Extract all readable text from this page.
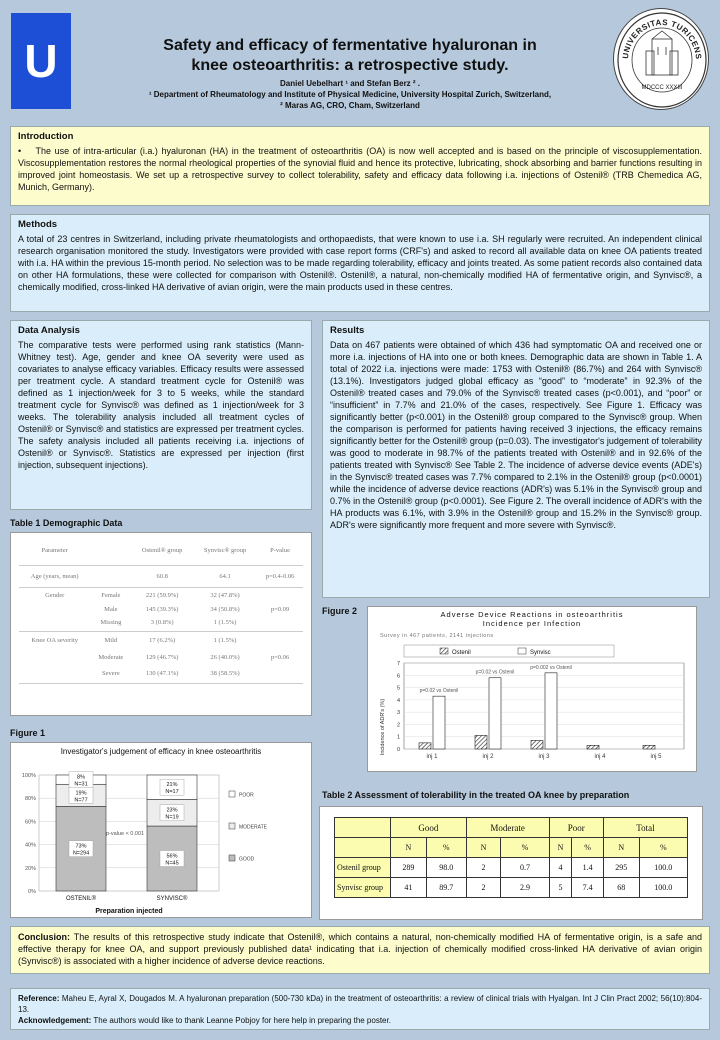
U	Safety and efficacy of fermentative hyaluronan in
knee osteoarthritis: a retrospective study.
Daniel Uebelhart ¹ and Stefan Berz ² .
¹ Department of Rheumatology and Institute of Physical Medicine, University Hospital Zurich, Switzerland,
² Maras AG, CRO, Cham, Switzerland
UNIVERSITAS TURICENS
MDCCC XXXIII
Introduction

•    The use of intra-articular (i.a.) hyaluronan (HA) in the treatment of osteoarthritis (OA) is now well accepted and is based on the principle of viscosupplementation. Viscosupplementation restores the normal rheological properties of the synovial fluid and hence its protective, lubricating, shock absorbing and barrier functions resulting in improved joint homeostasis. We set up a retrospective survey to collect tolerability, safety and efficacy data following i.a. injections of Ostenil® (TRB Chemedica AG, Munich, Germany).

Methods

A total of 23 centres in Switzerland, including private rheumatologists and orthopaedists, that were known to use i.a. SH regularly were recruited. An independent clinical research organisation monitored the study. Investigators were provided with case report forms (CRF's) and asked to record all available data on knee OA patients treated with i.a. HA within the previous 15-month period. No selection was to be made regarding tolerability, efficacy and joints treated. As some patient records also contained data on other HA formulations, these were collected for comparison with Ostenil®. Ostenil®, a natural, non-chemically modified HA of fermentative origin, and Synvisc®, a chemically modified, cross-linked HA derivative of avian origin, were the main products used in these centres.

Data Analysis

The comparative tests were performed using rank statistics (Mann-Whitney test). Age, gender and knee OA severity were used as covariates to analyse efficacy variables. Efficacy results were assessed per treatment cycle. A standard treatment cycle for Ostenil® was defined as 1 injection/week for 3 to 5 weeks, while the standard treatment cycle for Synvisc® was defined as 1 injection/week for 3 weeks. The tolerability analysis included all treatment cycles of Ostenil® or Synvisc® and statistics are expressed per treatment cycles. The safety analysis included all patients receiving i.a. injections of Ostenil® or Synvisc®. Statistics are expressed per injection (first injection, subsequent injections).

Results

Data on 467 patients were obtained of which 436 had symptomatic OA and received one or more i.a. injections of HA into one or both knees. Demographic data are shown in Table 1. A total of 2022 i.a. injections were made: 1753 with Ostenil® (86.7%) and 264 with Synvisc® (13.1%). Investigators judged global efficacy as “good” to “moderate” in 92.3% of the Ostenil® treated cases and 79.0% of the Synvisc® treated cases (p<0.001), and “poor” or “insufficient” in 7.7% and 21.0% of the cases, respectively. See Figure 1. Efficacy was significantly better (p<0.001) in the Ostenil® group compared to the Synvisc® group. When the comparison is performed for patients having received 3 injections, the efficacy remains significantly better for the Ostenil® group (p=0.03). The investigator's judgement of tolerability was good to moderate in 98.7% of the patients treated with Ostenil® and in 92.6% of the patients treated with Synvisc® See Table 2. The incidence of adverse device events (ADE's) in the Synvisc® treated cases was 7.7% compared to 2.1% in the Ostenil® group (p<0.0001) while the incidence of adverse device reactions (ADR's) was 5.1% in the Synvisc® group and 0.7% in the Ostenil® group (p<0.0001). See Figure 2. The overall incidence of ADR's with the HA products was 6.1%, with 3.9% in the Ostenil® group and 15.2% in the Synvisc® group. ADR's were significantly more frequent and more severe with Synvisc®.

Table 1 Demographic Data
Parameter		Ostenil® group	Synvisc® group	P-value
Age (years, mean)		60.8	64.1	p=0.4-0.06
Gender	Female	221 (59.9%)	32 (47.8%)	p=0.09
	Male	145 (39.3%)	34 (50.8%)	
	Missing	3 (0.8%)	1 (1.5%)	
Knee OA severity	Mild	17 (6.2%)	1 (1.5%)	p=0.06
	Moderate	129 (46.7%)	26 (40.0%)	
	Severe	130 (47.1%)	38 (58.5%)	
Figure 1
Investigator's judgement of efficacy in knee osteoarthritis
0%
20%
40%
60%
80%
100%
73%
N=294
19%
N=77
8%
N=31
OSTENIL®
56%
N=45
23%
N=19
21%
N=17
SYNVISC®
POOR
MODERATE
GOOD
p-value < 0.001
Preparation injected
Figure 2	Adverse Device Reactions in osteoarthritis
Incidence per Infection
Survey in 467 patients, 2141 injections
Ostenil	Synvisc
0
1
2
3
4
5
6
7
p=0.02 vs Ostenil
inj 1
p=0.02 vs Ostenil
inj 2
p=0.002 vs Ostenil
inj 3	inj 4	inj 5
Incidence of ADR's (%)
Table 2 Assessment of tolerability in the treated OA knee by preparation
	Good		Moderate		Poor		Total	
	N	%	N	%	N	%	N	%
Ostenil group	289	98.0	2	0.7	4	1.4	295	100.0
Synvisc group	41	89.7	2	2.9	5	7.4	68	100.0

Conclusion: The results of this retrospective study indicate that Ostenil®, which contains a natural, non-chemically modified HA of fermentative origin, is a safe and effective therapy for knee OA, and support previously published data¹ indicating that i.a. injection of chemically modified cross-linked HA derivative of avian origin (Synvisc®) is associated with a higher incidence of adverse device reactions.

Reference: Maheu E, Ayral X, Dougados M. A hyaluronan preparation (500-730 kDa) in the treatment of osteoarthritis: a review of clinical trials with Hyalgan. Int J Clin Pract 2002; 56(10):804-13.

Acknowledgement: The authors would like to thank Leanne Pobjoy for here help in preparing the poster.
